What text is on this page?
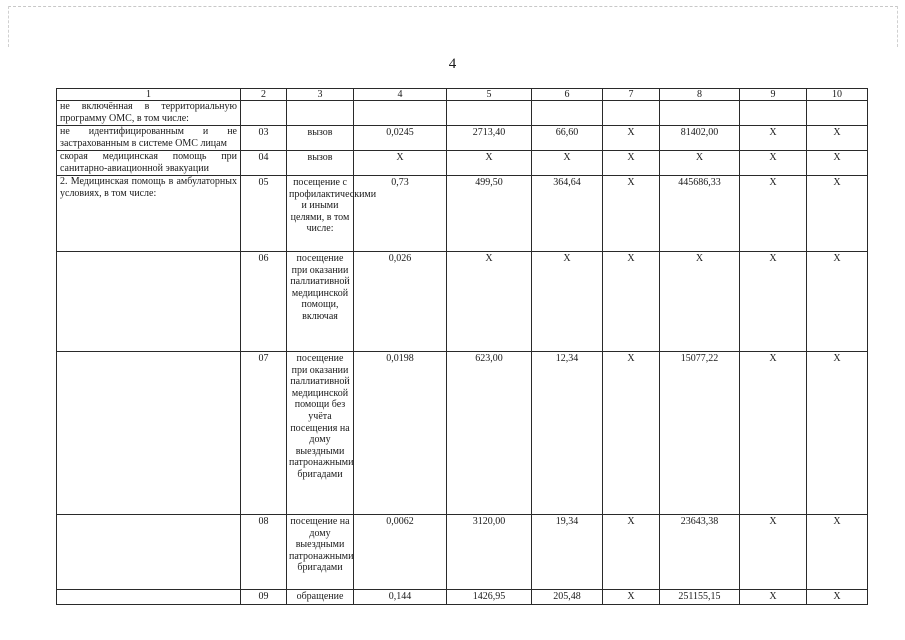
4
1	2	3	4	5	6	7	8	9	10
не включённая в территориальную программу ОМС, в том числе:									
не идентифицированным и не застрахованным в системе ОМС лицам	03	вызов	0,0245	2713,40	66,60	X	81402,00	X	X
скорая медицинская помощь при санитарно-авиационной эвакуации	04	вызов	X	X	X	X	X	X	X
2. Медицинская помощь в амбулаторных условиях, в том числе:	05	посещение с профилактическими и иными целями, в том числе:	0,73	499,50	364,64	X	445686,33	X	X
	06	посещение при оказании паллиативной медицинской помощи, включая	0,026	X	X	X	X	X	X
	07	посещение при оказании паллиативной медицинской помощи без учёта посещения на дому выездными патронажными бригадами	0,0198	623,00	12,34	X	15077,22	X	X
	08	посещение на дому выездными патронажными бригадами	0,0062	3120,00	19,34	X	23643,38	X	X
	09	обращение	0,144	1426,95	205,48	X	251155,15	X	X
